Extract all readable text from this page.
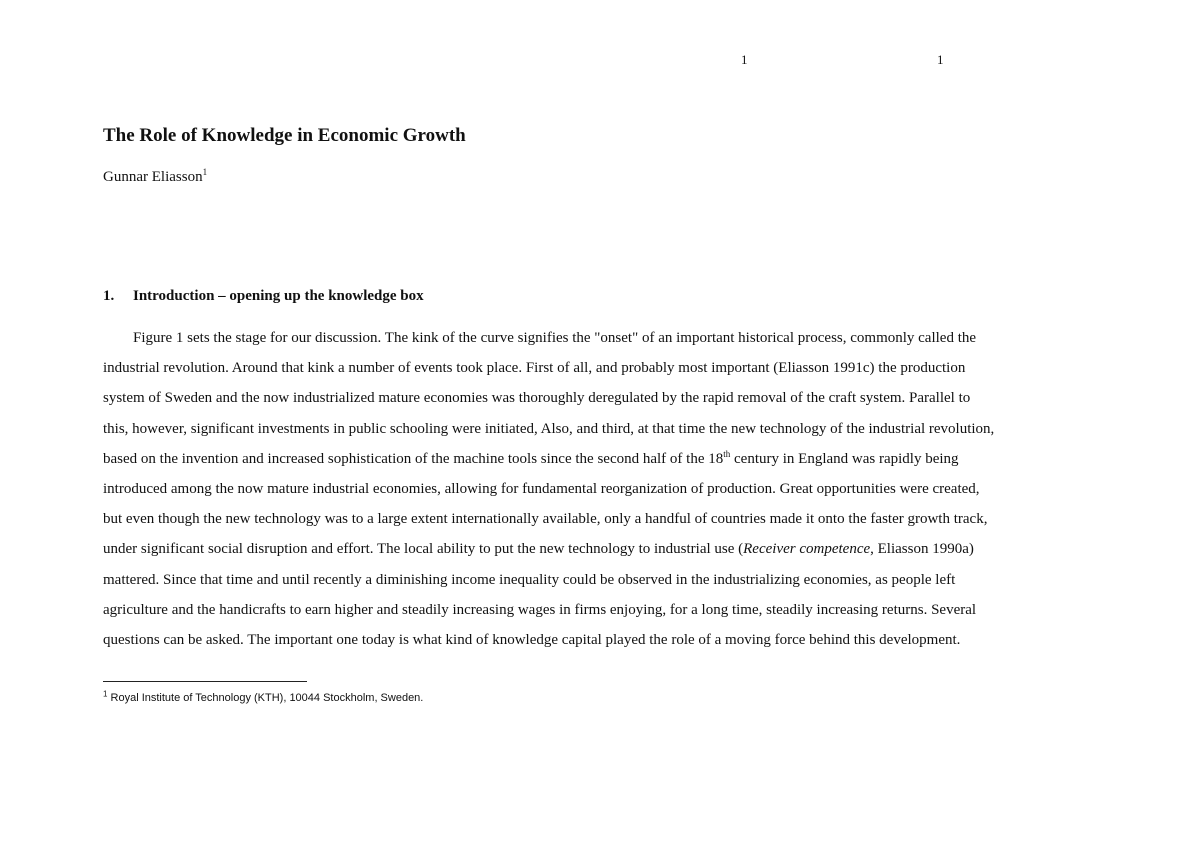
1	1
The Role of Knowledge in Economic Growth
Gunnar Eliasson$^1$
1. Introduction – opening up the knowledge box

Figure 1 sets the stage for our discussion. The kink of the curve signifies the "onset" of an important historical process, commonly called the
industrial revolution. Around that kink a number of events took place. First of all, and probably most important (Eliasson 1991c) the production
system of Sweden and the now industrialized mature economies was thoroughly deregulated by the rapid removal of the craft system. Parallel to
this, however, significant investments in public schooling were initiated, Also, and third, at that time the new technology of the industrial revolution,
based on the invention and increased sophistication of the machine tools since the second half of the 18th century in England was rapidly being
introduced among the now mature industrial economies, allowing for fundamental reorganization of production. Great opportunities were created,
but even though the new technology was to a large extent internationally available, only a handful of countries made it onto the faster growth track,
under significant social disruption and effort. The local ability to put the new technology to industrial use (Receiver competence, Eliasson 1990a)
mattered. Since that time and until recently a diminishing income inequality could be observed in the industrializing economies, as people left
agriculture and the handicrafts to earn higher and steadily increasing wages in firms enjoying, for a long time, steadily increasing returns. Several
questions can be asked. The important one today is what kind of knowledge capital played the role of a moving force behind this development.

$^1$ Royal Institute of Technology (KTH), 10044 Stockholm, Sweden.
